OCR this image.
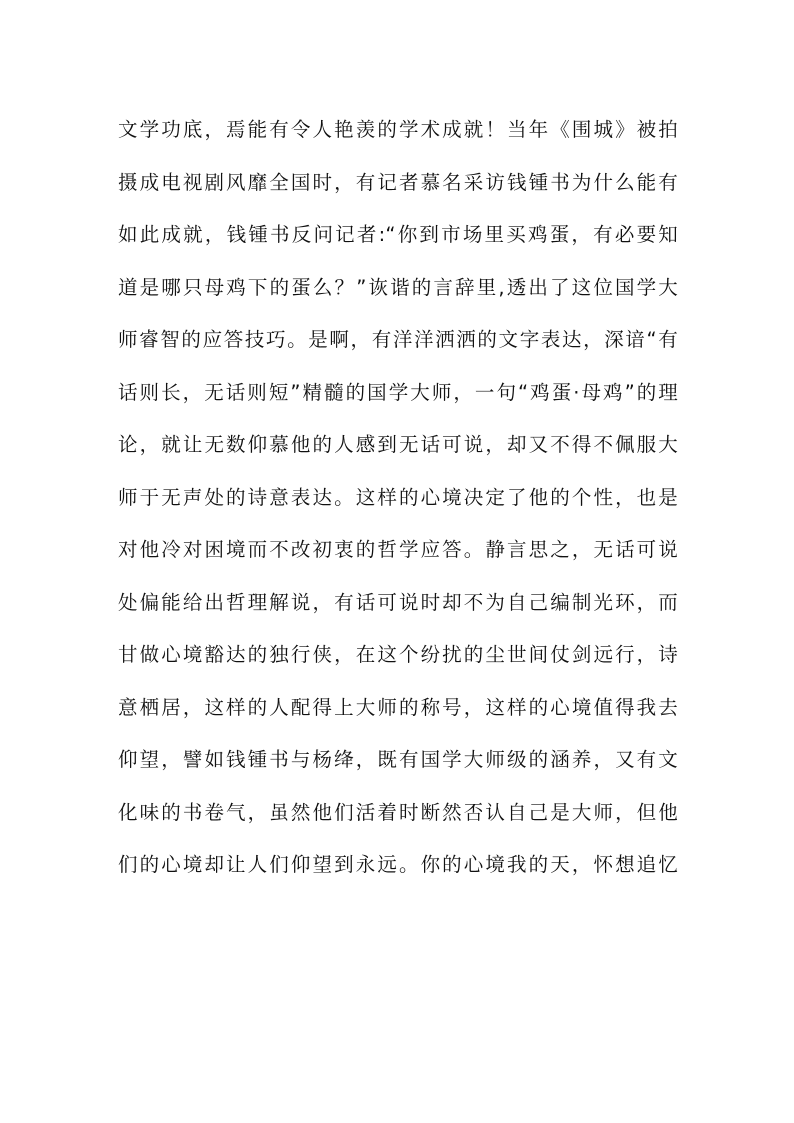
文学功底，焉能有令人艳羡的学术成就！当年《围城》被拍
摄成电视剧风靡全国时，有记者慕名采访钱锺书为什么能有
如此成就，钱锺书反问记者:“你到市场里买鸡蛋，有必要知
道是哪只母鸡下的蛋么？”诙谐的言辞里,透出了这位国学大
师睿智的应答技巧。是啊，有洋洋洒洒的文字表达，深谙“有
话则长，无话则短”精髓的国学大师，一句“鸡蛋·母鸡”的理
论，就让无数仰慕他的人感到无话可说，却又不得不佩服大
师于无声处的诗意表达。这样的心境决定了他的个性，也是
对他冷对困境而不改初衷的哲学应答。静言思之，无话可说
处偏能给出哲理解说，有话可说时却不为自己编制光环，而
甘做心境豁达的独行侠，在这个纷扰的尘世间仗剑远行，诗
意栖居，这样的人配得上大师的称号，这样的心境值得我去
仰望，譬如钱锺书与杨绛，既有国学大师级的涵养，又有文
化味的书卷气，虽然他们活着时断然否认自己是大师，但他
们的心境却让人们仰望到永远。你的心境我的天，怀想追忆
